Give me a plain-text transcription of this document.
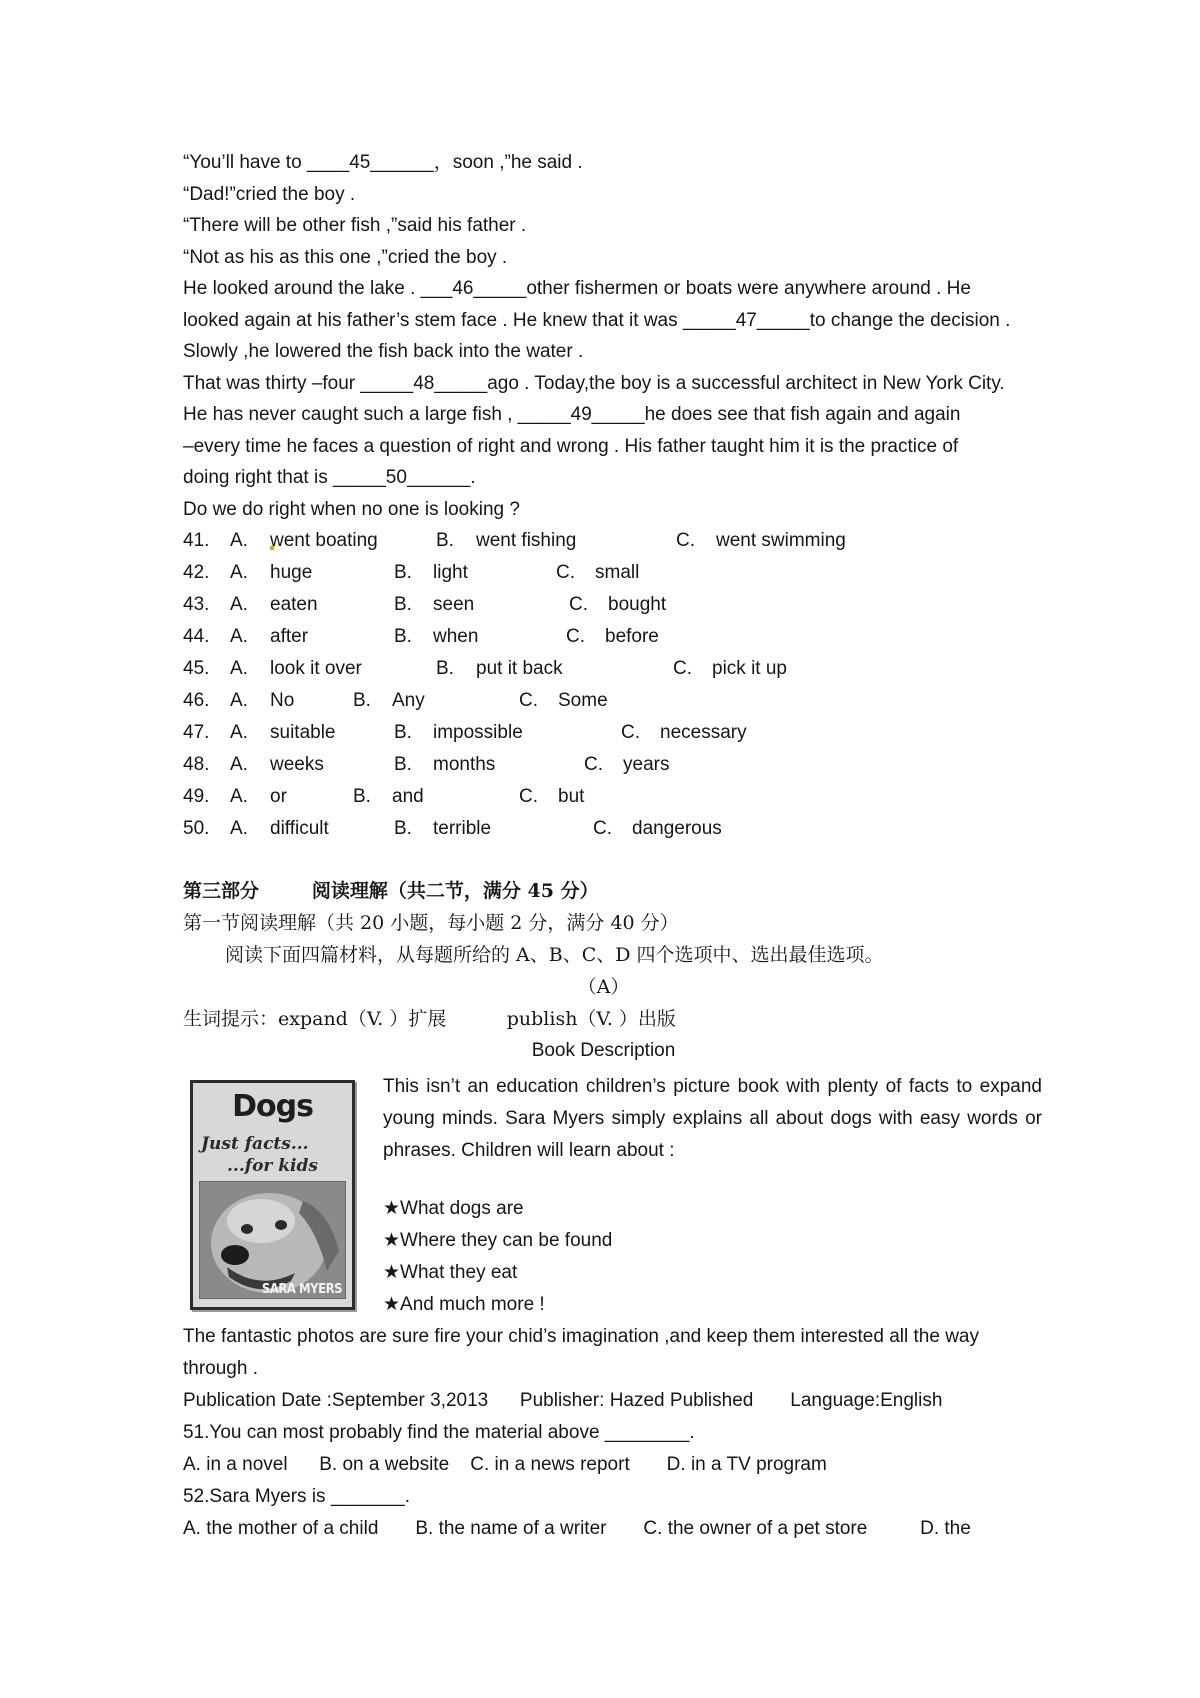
“You’ll have to ____45______，soon ,”he said .
“Dad!”cried the boy .
“There will be other fish ,”said his father .
“Not as his as this one ,”cried the boy .
He looked around the lake . ___46_____other fishermen or boats were anywhere around . He
looked again at his father’s stem face . He knew that it was _____47_____to change the decision .
Slowly ,he lowered the fish back into the water .
That was thirty –four _____48_____ago . Today,the boy is a successful architect in New York City.
He has never caught such a large fish , _____49_____he does see that fish again and again
–every time he faces a question of right and wrong . His father taught him it is the practice of
doing right that is _____50______.
Do we do right when no one is looking ?
41. A. went boating	B. went fishing	C. went swimming
42. A. huge	B. light	C. small
43. A. eaten	B. seen	C. bought
44. A. after	B. when	C. before
45. A. look it over	B. put it back	C. pick it up
46. A. No	B. Any	C. Some
47. A. suitable	B. impossible	C. necessary
48. A. weeks	B. months	C. years
49. A. or	B. and	C. but
50. A. difficult	B. terrible	C. dangerous
第三部分        阅读理解（共二节，满分 45 分）
第一节阅读理解（共 20 小题，每小题 2 分，满分 40 分）
阅读下面四篇材料，从每题所给的 A、B、C、D 四个选项中、选出最佳选项。
（A）
生词提示：expand（V. ）扩展          publish（V. ）出版
Book Description
Dogs
Just facts...
...for kids
SARA MYERS
This isn’t an education children’s picture book with plenty of facts to expand young minds. Sara Myers simply explains all about dogs with easy words or phrases. Children will learn about :
★What dogs are
★Where they can be found
★What they eat
★And much more !
The fantastic photos are sure fire your chid’s imagination ,and keep them interested all the way
through .
Publication Date :September 3,2013      Publisher: Hazed Published       Language:English
51.You can most probably find the material above ________.
A. in a novel      B. on a website    C. in a news report       D. in a TV program
52.Sara Myers is _______.
A. the mother of a child       B. the name of a writer       C. the owner of a pet store          D. the
